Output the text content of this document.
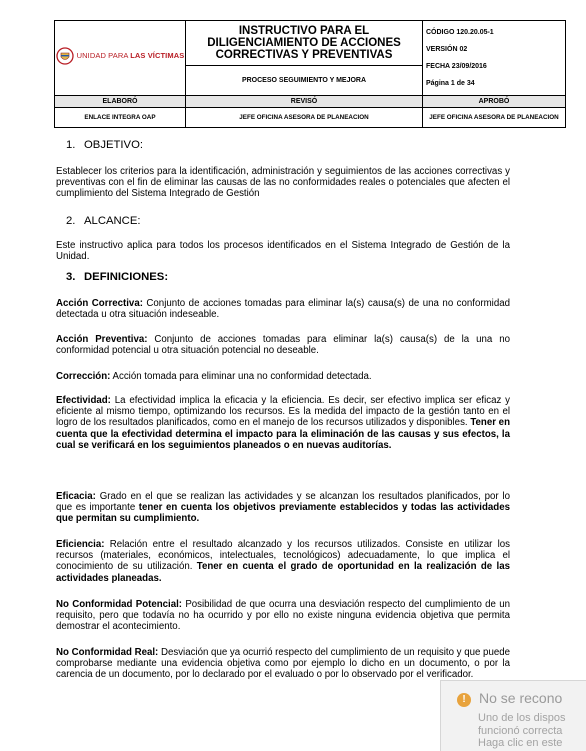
UNIDAD PARA LAS VÍCTIMAS	INSTRUCTIVO PARA EL DILIGENCIAMIENTO DE ACCIONES CORRECTIVAS Y PREVENTIVAS	CÓDIGO 120.20.05-1
VERSIÓN 02
FECHA 23/09/2016
Página 1 de 34

	PROCESO SEGUIMIENTO Y MEJORA	
ELABORÓ	REVISÓ	APROBÓ
ENLACE INTEGRA OAP	JEFE OFICINA ASESORA DE PLANEACION	JEFE OFICINA ASESORA DE PLANEACION
1. OBJETIVO:

Establecer los criterios para la identificación, administración y seguimientos de las acciones correctivas y preventivas con el fin de eliminar las causas de las no conformidades reales o potenciales que afecten el cumplimiento del Sistema Integrado de Gestión

2. ALCANCE:

Este instructivo aplica para todos los procesos identificados en el Sistema Integrado de Gestión de la Unidad.

3. DEFINICIONES:

Acción Correctiva: Conjunto de acciones tomadas para eliminar la(s) causa(s) de una no conformidad detectada u otra situación indeseable.

Acción Preventiva: Conjunto de acciones tomadas para eliminar la(s) causa(s) de la una no conformidad potencial u otra situación potencial no deseable.

Corrección: Acción tomada para eliminar una no conformidad detectada.

Efectividad: La efectividad implica la eficacia y la eficiencia. Es decir, ser efectivo implica ser eficaz y eficiente al mismo tiempo, optimizando los recursos. Es la medida del impacto de la gestión tanto en el logro de los resultados planificados, como en el manejo de los recursos utilizados y disponibles. Tener en cuenta que la efectividad determina el impacto para la eliminación de las causas y sus efectos, la cual se verificará en los seguimientos planeados o en nuevas auditorías.

Eficacia: Grado en el que se realizan las actividades y se alcanzan los resultados planificados, por lo que es importante tener en cuenta los objetivos previamente establecidos y todas las actividades que permitan su cumplimiento.

Eficiencia: Relación entre el resultado alcanzado y los recursos utilizados. Consiste en utilizar los recursos (materiales, económicos, intelectuales, tecnológicos) adecuadamente, lo que implica el conocimiento de su utilización. Tener en cuenta el grado de oportunidad en la realización de las actividades planeadas.

No Conformidad Potencial: Posibilidad de que ocurra una desviación respecto del cumplimiento de un requisito, pero que todavía no ha ocurrido y por ello no existe ninguna evidencia objetiva que permita demostrar el acontecimiento.

No Conformidad Real: Desviación que ya ocurrió respecto del cumplimiento de un requisito y que puede comprobarse mediante una evidencia objetiva como por ejemplo lo dicho en un documento, o por la carencia de un documento, por lo declarado por el evaluado o por lo observado por el verificador.

! No se recono
Uno de los dispos
funcionó correcta
Haga clic en este
